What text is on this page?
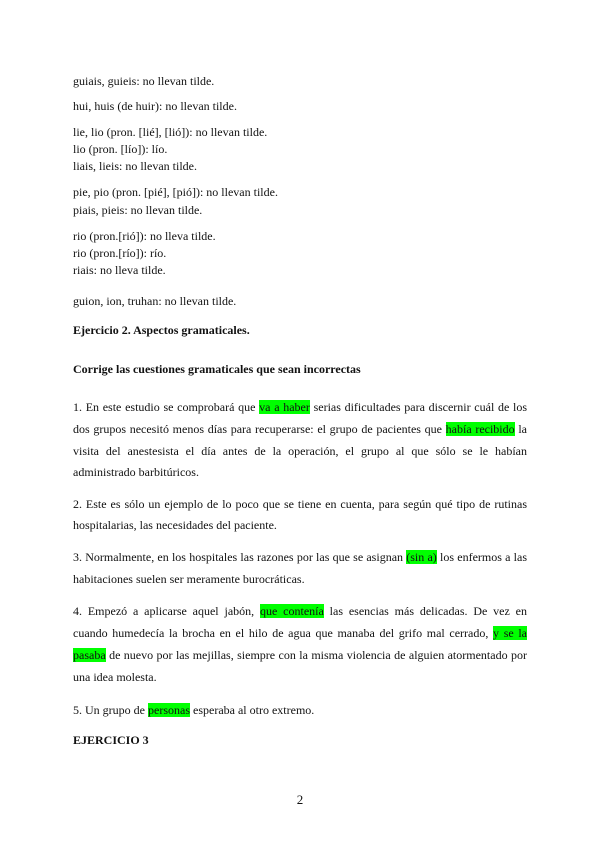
guiais, guieis: no llevan tilde.

hui, huis (de huir): no llevan tilde.

lie, lio (pron. [lié], [lió]): no llevan tilde.

lio (pron. [lío]): lío.

liais, lieis: no llevan tilde.

pie, pio (pron. [pié], [pió]): no llevan tilde.

piais, pieis: no llevan tilde.

rio (pron.[rió]): no lleva tilde.

rio (pron.[río]): río.

riais: no lleva tilde.

guion, ion, truhan: no llevan tilde.

Ejercicio 2. Aspectos gramaticales.

Corrige las cuestiones gramaticales que sean incorrectas

1. En este estudio se comprobará que va a haber serias dificultades para discernir cuál de los

dos grupos necesitó menos días para recuperarse: el grupo de pacientes que había recibido la

visita del anestesista el día antes de la operación, el grupo al que sólo se le habían

administrado barbitúricos.

2. Este es sólo un ejemplo de lo poco que se tiene en cuenta, para según qué tipo de rutinas

hospitalarias, las necesidades del paciente.

3. Normalmente, en los hospitales las razones por las que se asignan (sin a) los enfermos a las

habitaciones suelen ser meramente burocráticas.

4. Empezó a aplicarse aquel jabón, que contenía las esencias más delicadas. De vez en

cuando humedecía la brocha en el hilo de agua que manaba del grifo mal cerrado, y se la

pasaba de nuevo por las mejillas, siempre con la misma violencia de alguien atormentado por

una idea molesta.

5. Un grupo de personas esperaba al otro extremo.

EJERCICIO 3

2
